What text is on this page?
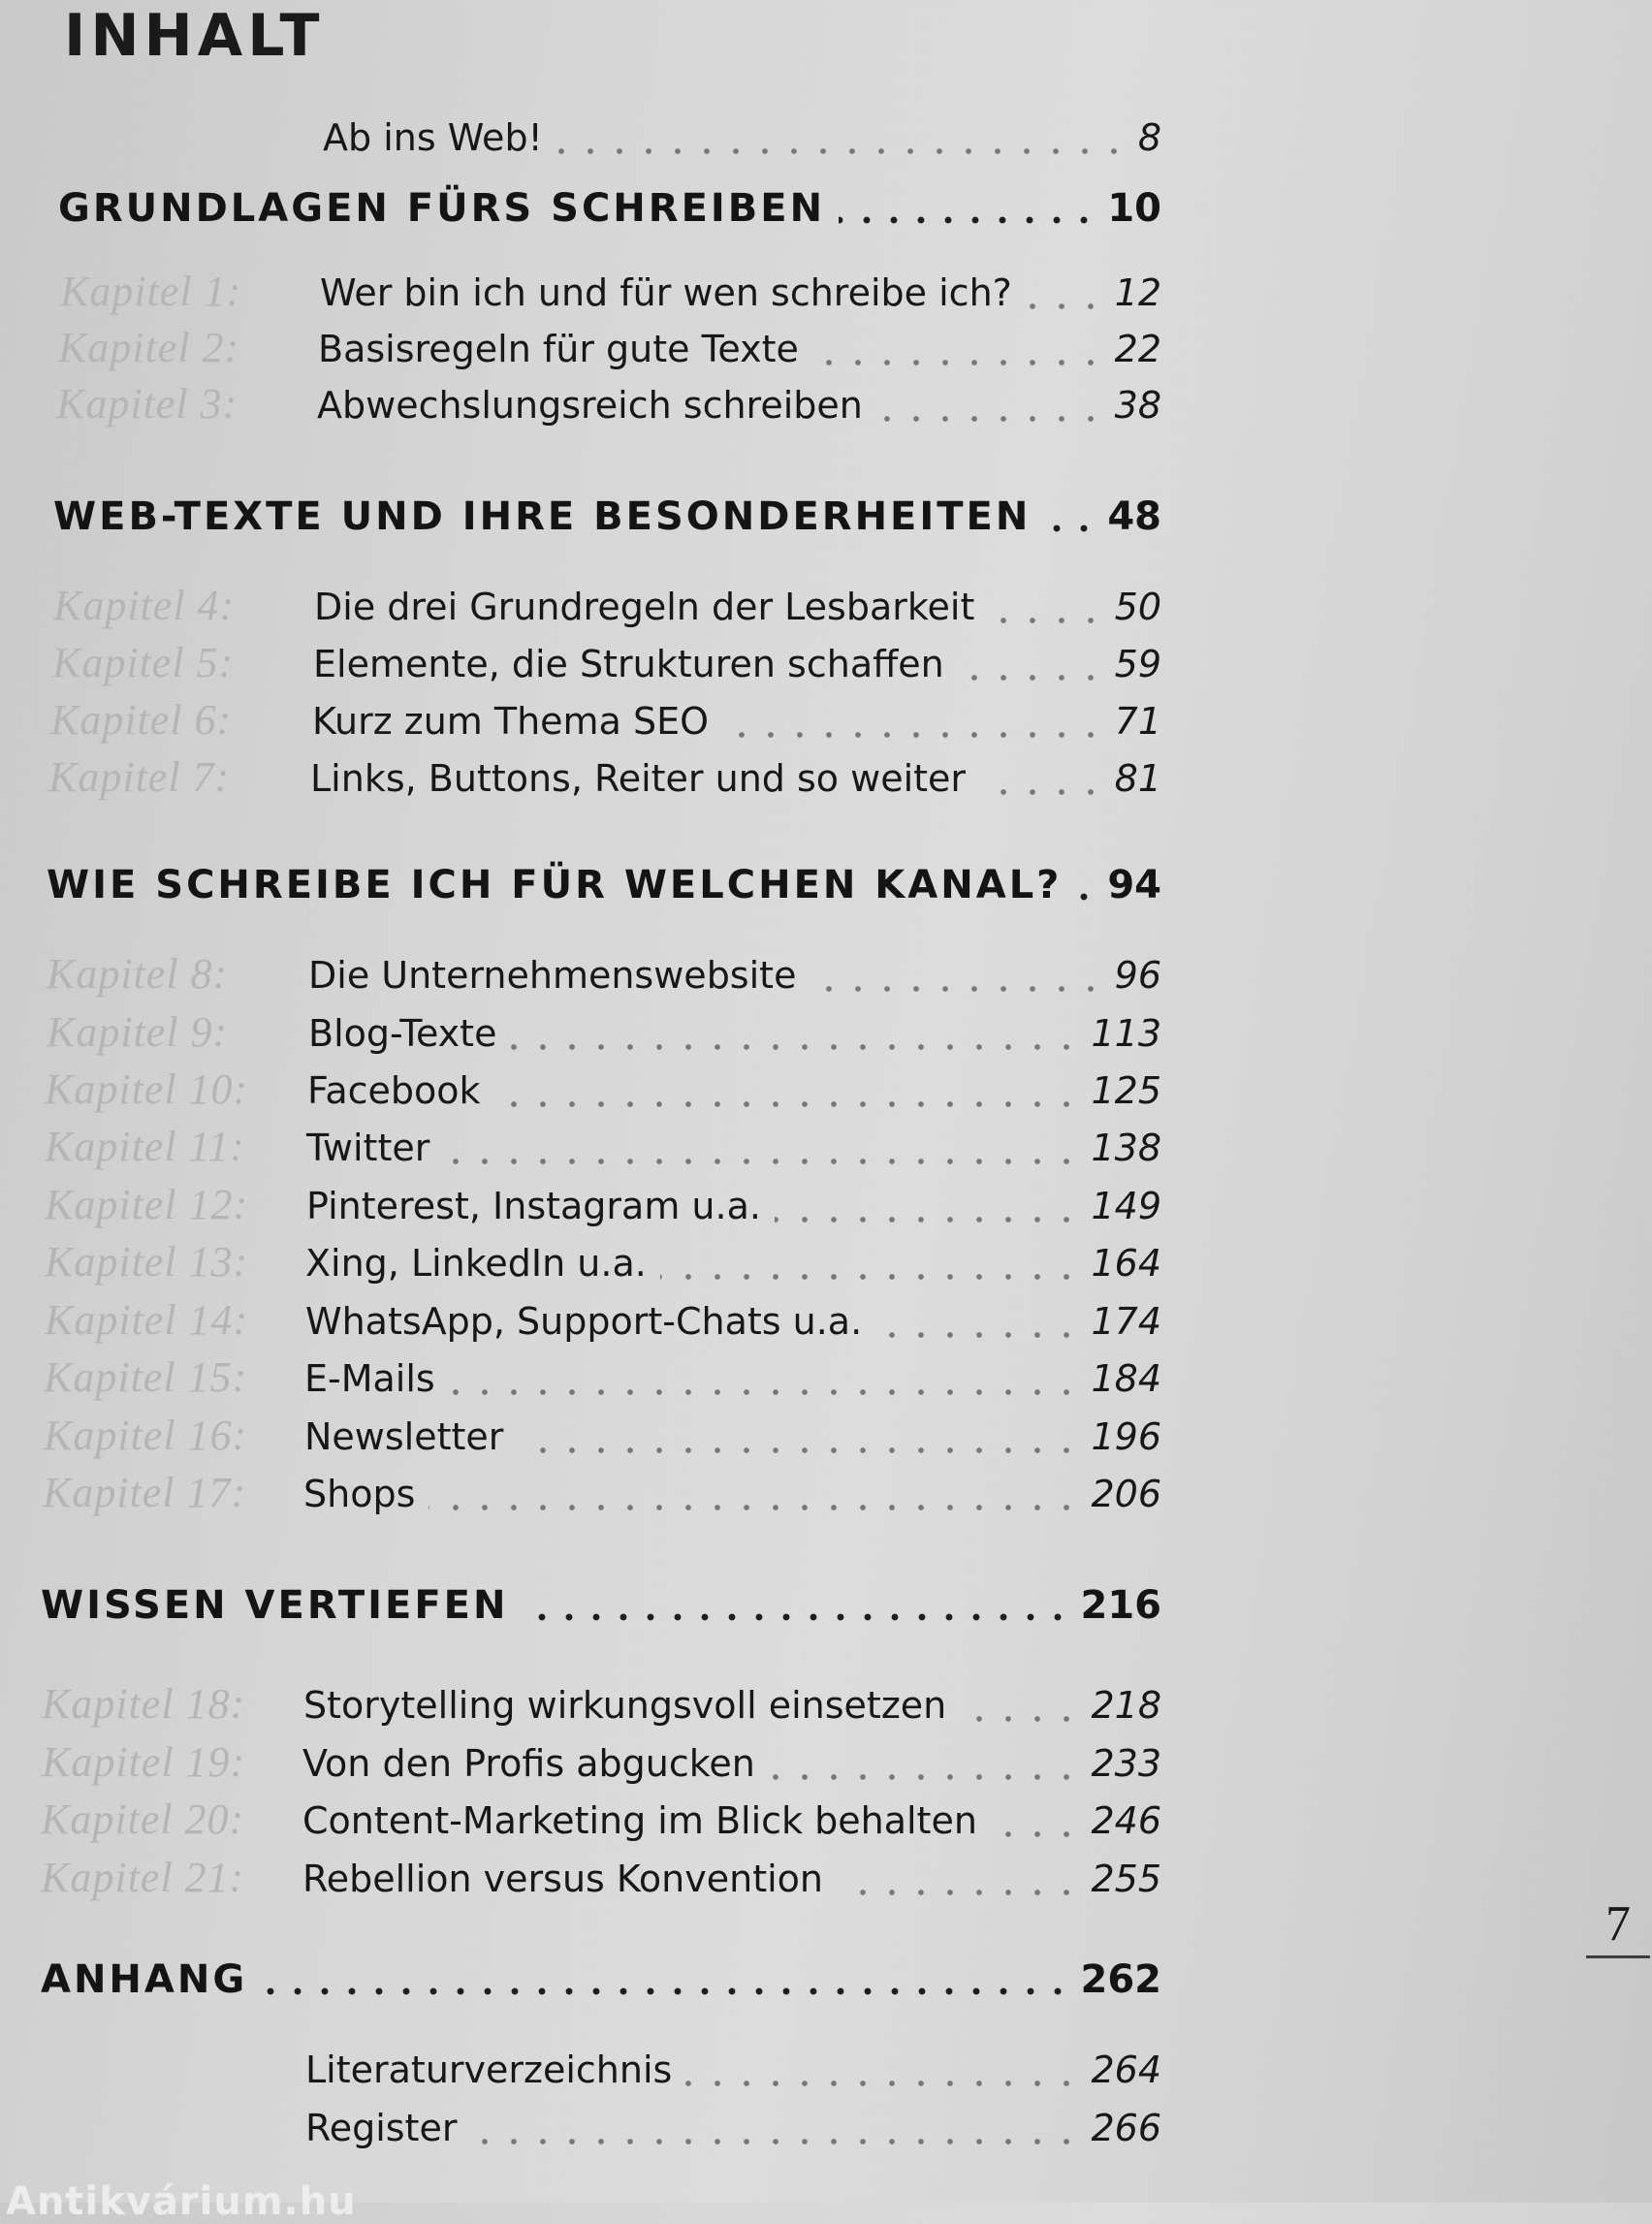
INHALT
Ab ins Web!	8
GRUNDLAGEN FÜRS SCHREIBEN	10
Kapitel 1: Wer bin ich und für wen schreibe ich?	12
Kapitel 2: Basisregeln für gute Texte	22
Kapitel 3: Abwechslungsreich schreiben	38
WEB-TEXTE UND IHRE BESONDERHEITEN 48
Kapitel 4: Die drei Grundregeln der Lesbarkeit	50
Kapitel 5: Elemente, die Strukturen schaffen	59
Kapitel 6: Kurz zum Thema SEO	71
Kapitel 7: Links, Buttons, Reiter und so weiter	81
WIE SCHREIBE ICH FÜR WELCHEN KANAL? 94
Kapitel 8: Die Unternehmenswebsite	96
Kapitel 9: Blog-Texte	113
Kapitel 10: Facebook	125
Kapitel 11: Twitter	138
Kapitel 12: Pinterest, Instagram u.a.	149
Kapitel 13: Xing, LinkedIn u.a.	164
Kapitel 14: WhatsApp, Support-Chats u.a.	174
Kapitel 15: E-Mails	184
Kapitel 16: Newsletter	196
Kapitel 17: Shops	206
WISSEN VERTIEFEN	216
Kapitel 18: Storytelling wirkungsvoll einsetzen	218
Kapitel 19: Von den Profis abgucken	233
Kapitel 20: Content-Marketing im Blick behalten	246
Kapitel 21: Rebellion versus Konvention	255
ANHANG	262
Literaturverzeichnis	264
Register	266
7
Antikvárium.hu
